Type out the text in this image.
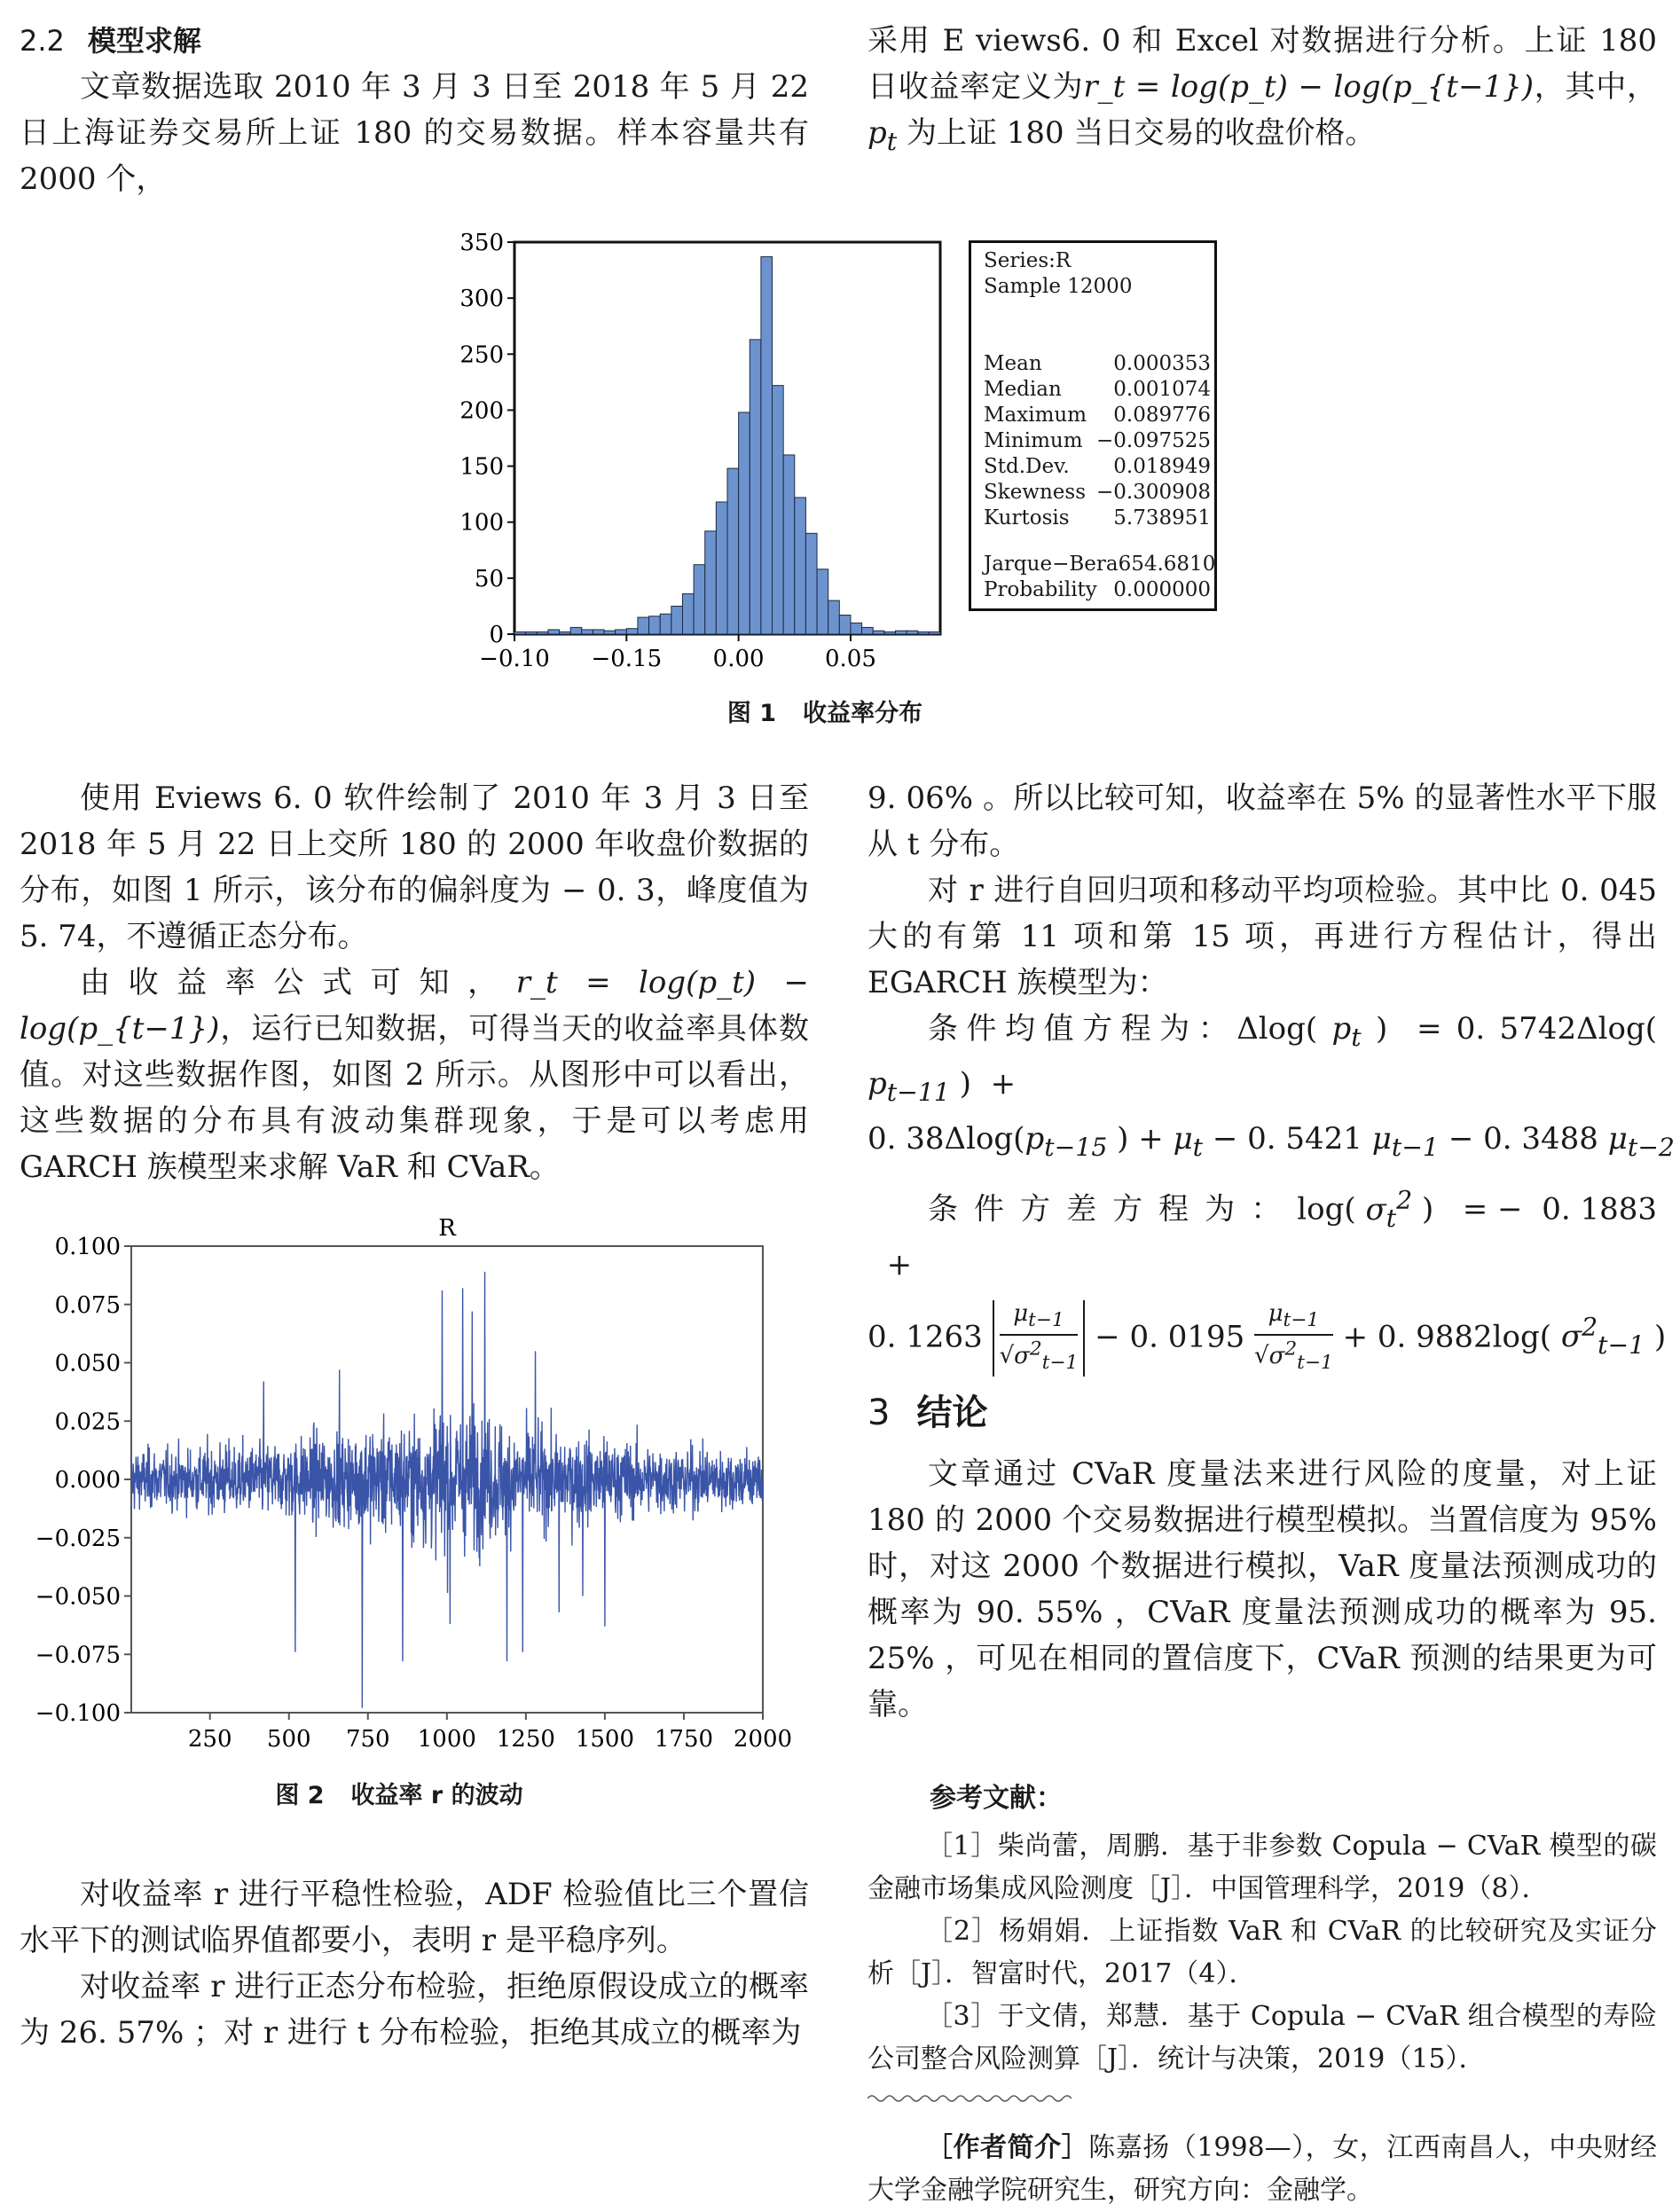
2.2 模型求解

文章数据选取 2010 年 3 月 3 日至 2018 年 5 月 22 日上海证券交易所上证 180 的交易数据。样本容量共有 2000 个，

采用 E views6. 0 和 Excel 对数据进行分析。上证 180 日收益率定义为r_t = log(p_t) − log(p_{t−1})，其中，$p_t$ 为上证 180 当日交易的收盘价格。

0
50
100
150
200
250
300
350
−0.10 −0.15 0.00	0.05
Series:R
Sample 12000
Mean	0.000353
Median	0.001074
Maximum 0.089776
Minimum −0.097525
Std.Dev. 0.018949
Skewness −0.300908
Kurtosis 5.738951
Jarque−Bera 654.6810
Probability 0.000000
图 1 收益率分布

使用 Eviews 6. 0 软件绘制了 2010 年 3 月 3 日至 2018 年 5 月 22 日上交所 180 的 2000 年收盘价数据的分布，如图 1 所示，该分布的偏斜度为 − 0. 3，峰度值为 5. 74，不遵循正态分布。

由收益率公式可知，r_t = log(p_t) − log(p_{t−1})，运行已知数据，可得当天的收益率具体数值。对这些数据作图，如图 2 所示。从图形中可以看出，这些数据的分布具有波动集群现象，于是可以考虑用 GARCH 族模型来求解 VaR 和 CVaR。

R
0.100
0.075
0.050
0.025
0.000
−0.025
−0.050
−0.075
−0.100
250 500 750 1000 1250 1500 1750 2000
图 2 收益率 r 的波动

对收益率 r 进行平稳性检验，ADF 检验值比三个置信水平下的测试临界值都要小，表明 r 是平稳序列。

对收益率 r 进行正态分布检验，拒绝原假设成立的概率为 26. 57% ；对 r 进行 t 分布检验，拒绝其成立的概率为

9. 06% 。所以比较可知，收益率在 5% 的显著性水平下服从 t 分布。

对 r 进行自回归项和移动平均项检验。其中比 0. 045 大的有第 11 项和第 15 项，再进行方程估计，得出 EGARCH 族模型为：

条件均值方程为：Δlog( $p_t$ )  = 0. 5742Δlog( $p_{t-11}$ )  +

0. $38\Delta\log(p_{t-15}$ ) + $\mu_t - 0$. 5421 $\mu_{t-1} - 0$. 3488 $\mu_{t-2}$

条件方差方程为：log( $\sigma_t^2$ )   = −  0. 1883   +

0. $1263 \frac{\mu_{t-1}}{√\sigma^2_{t-1}} - 0$. $0195 \frac{\mu_{t-1}}{√\sigma^2_{t-1}} + 0$. 9882log( $\sigma^2_{t-1}$ )

3 结论

文章通过 CVaR 度量法来进行风险的度量，对上证 180 的 2000 个交易数据进行模型模拟。当置信度为 95% 时，对这 2000 个数据进行模拟，VaR 度量法预测成功的概率为 90. 55% ，CVaR 度量法预测成功的概率为 95. 25% ，可见在相同的置信度下，CVaR 预测的结果更为可靠。

参考文献：

［1］柴尚蕾，周鹏．基于非参数 Copula − CVaR 模型的碳金融市场集成风险测度［J］．中国管理科学，2019（8）．

［2］杨娟娟．上证指数 VaR 和 CVaR 的比较研究及实证分析［J］．智富时代，2017（4）．

［3］于文倩，郑慧．基于 Copula − CVaR 组合模型的寿险公司整合风险测算［J］．统计与决策，2019（15）．

［作者简介］陈嘉扬（1998—），女，江西南昌人，中央财经大学金融学院研究生，研究方向：金融学。
